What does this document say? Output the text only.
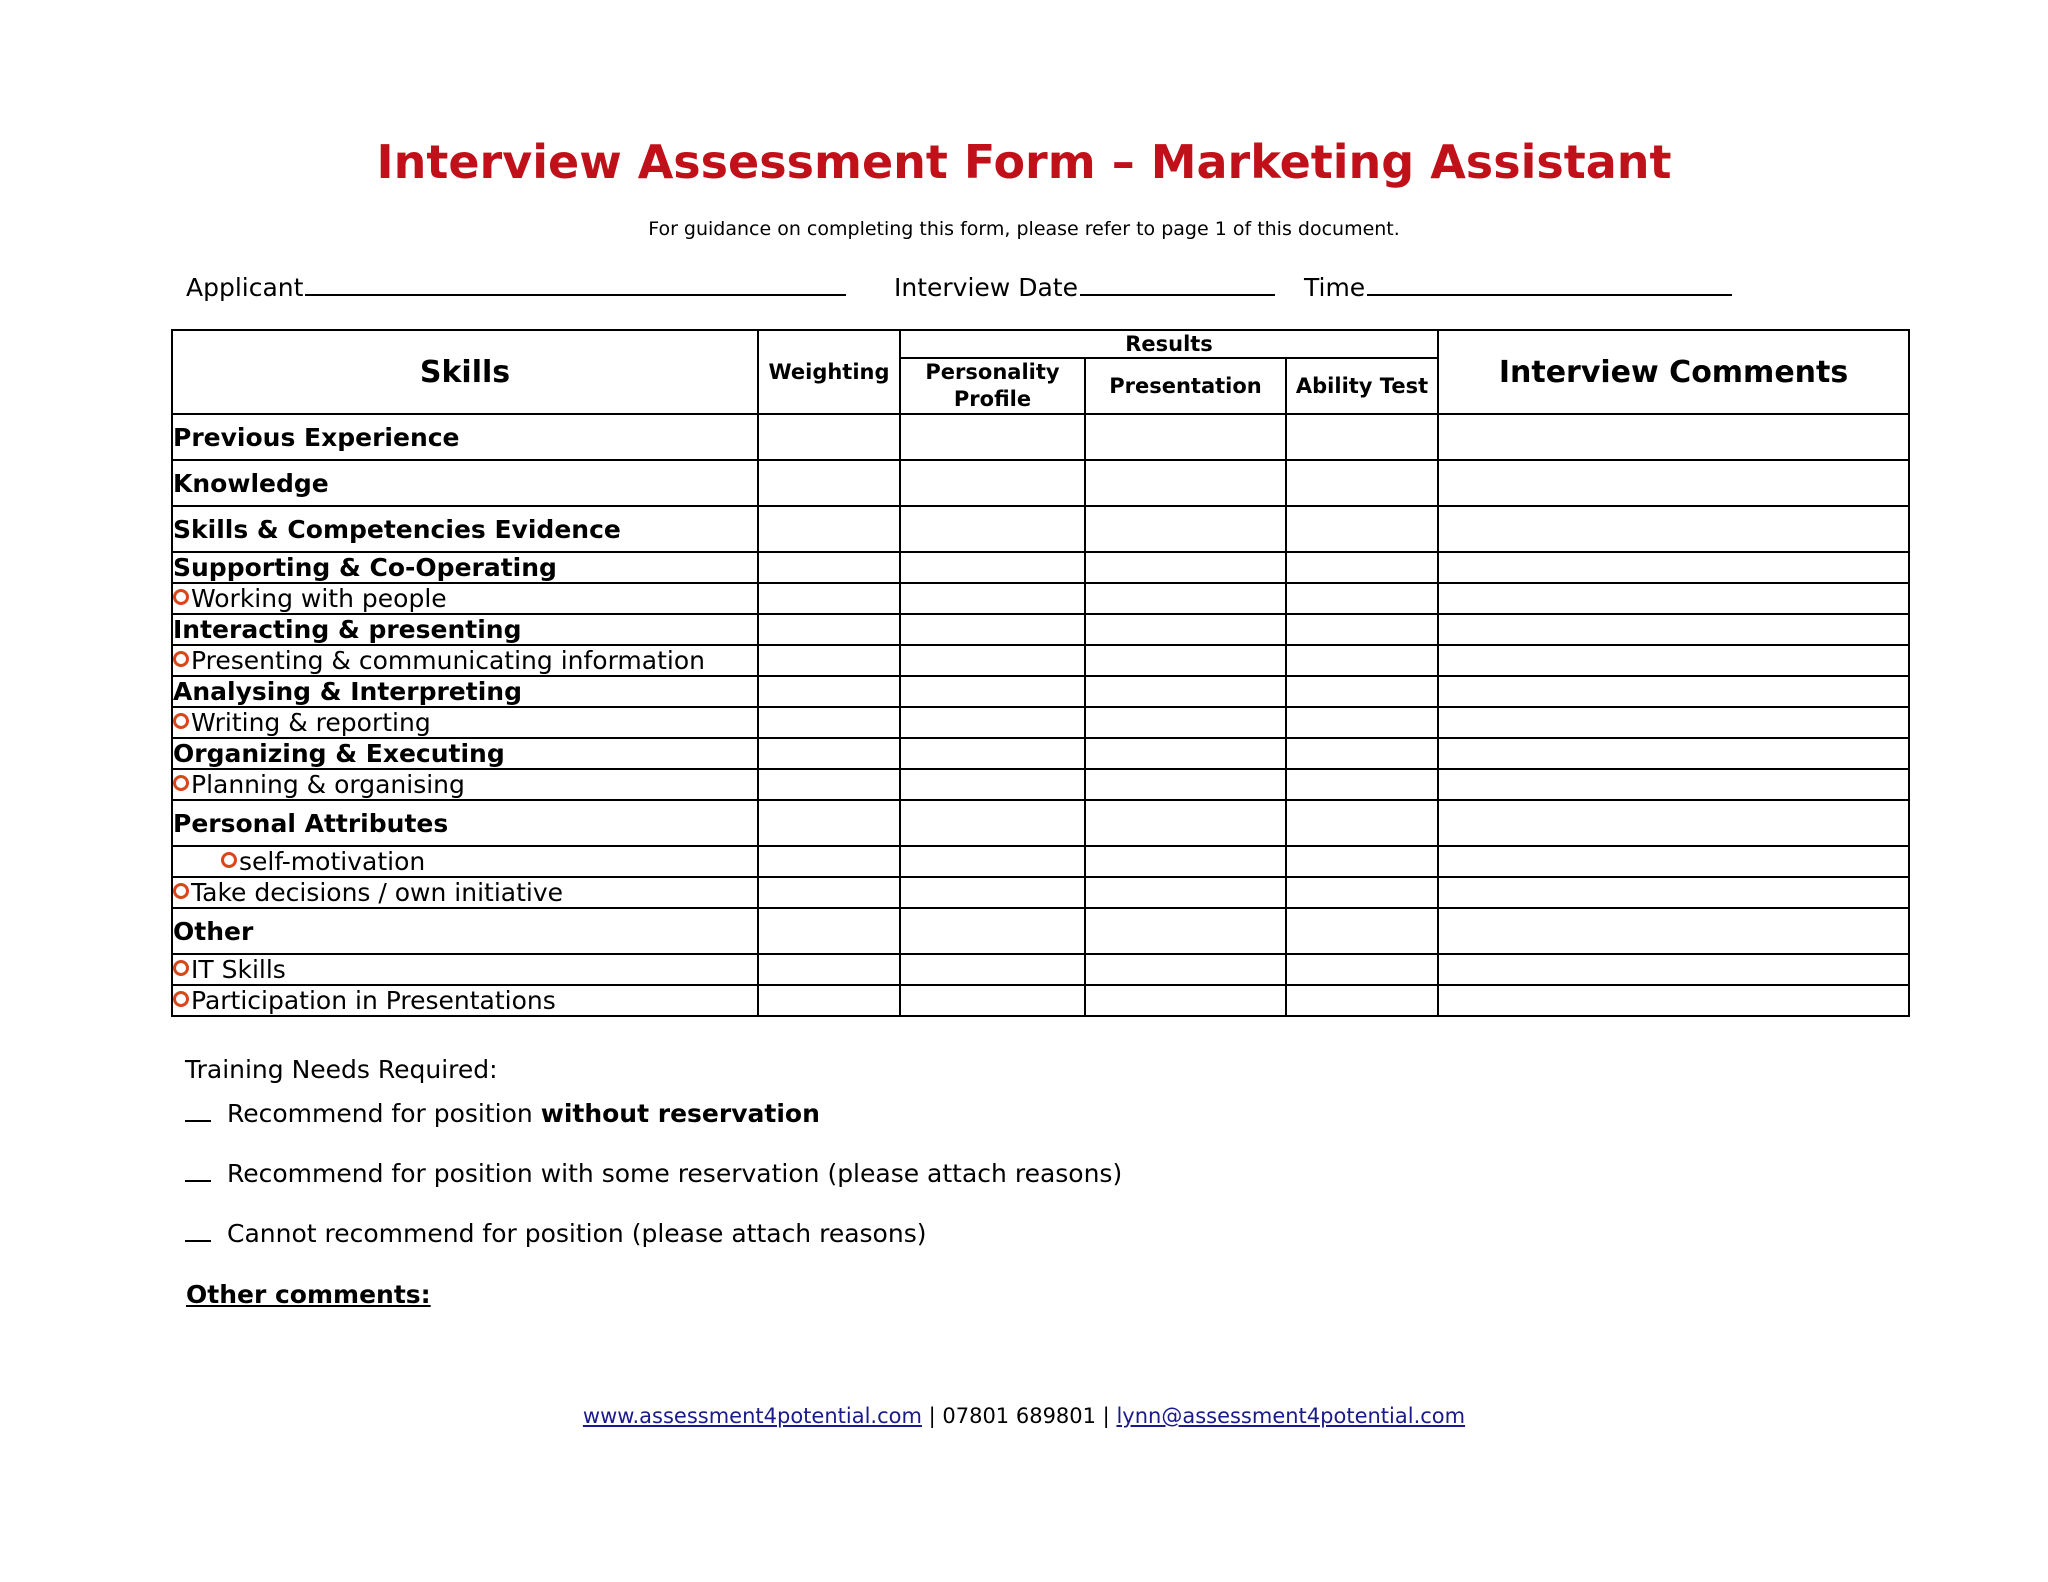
Interview Assessment Form – Marketing Assistant
For guidance on completing this form, please refer to page 1 of this document.
Applicant	Interview Date	Time
Skills	Weighting	Results			Interview Comments
		Personality Profile	Presentation	Ability Test	
Previous Experience					
Knowledge					
Skills & Competencies Evidence					
Supporting & Co-Operating					
Working with people					
Interacting & presenting					
Presenting & communicating information					
Analysing & Interpreting					
Writing & reporting					
Organizing & Executing					
Planning & organising					
Personal Attributes					
self-motivation					
Take decisions / own initiative					
Other					
IT Skills					
Participation in Presentations					
Training Needs Required:
Recommend for position without reservation
Recommend for position with some reservation (please attach reasons)
Cannot recommend for position (please attach reasons)
Other comments:
www.assessment4potential.com | 07801 689801 | lynn@assessment4potential.com
